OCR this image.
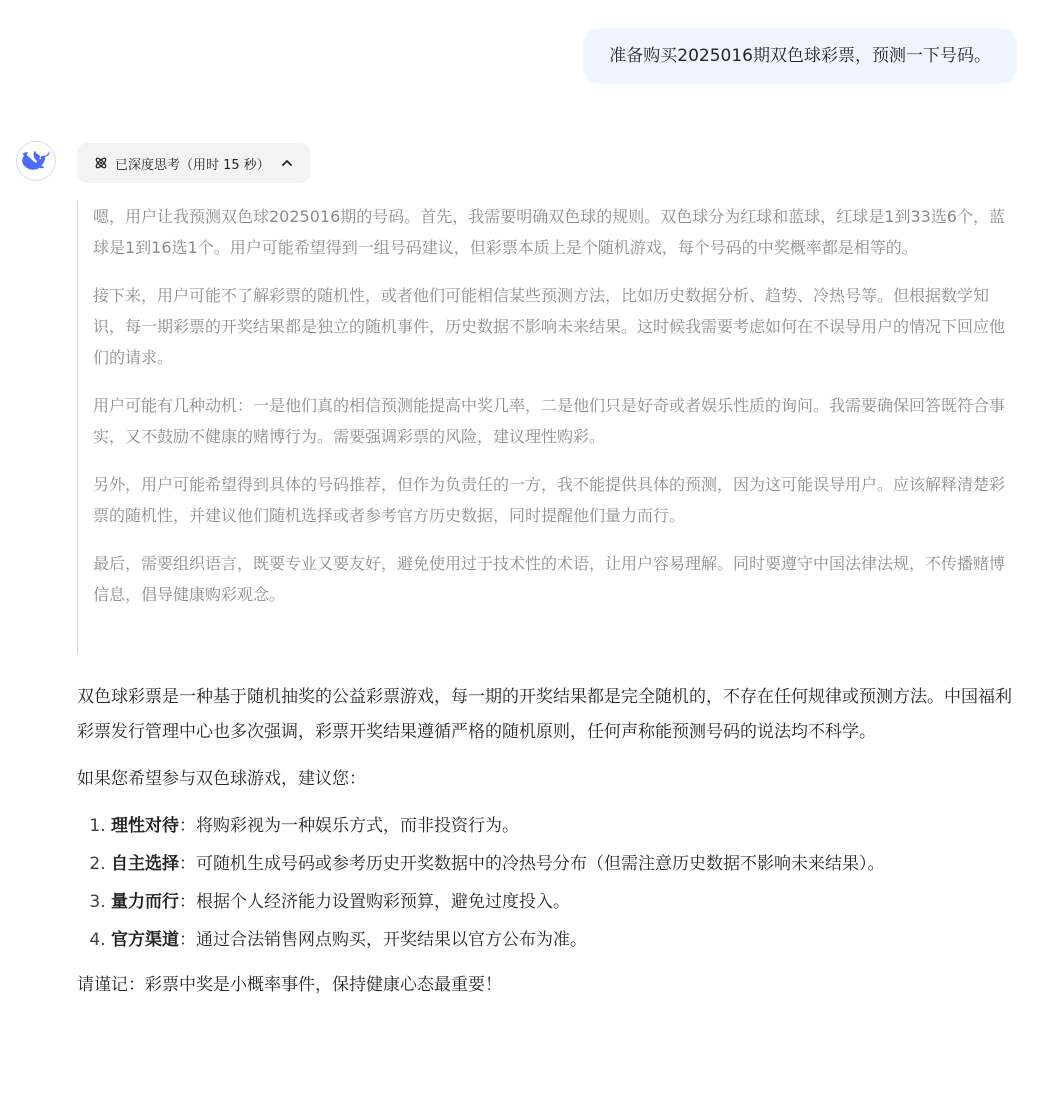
准备购买2025016期双色球彩票，预测一下号码。
已深度思考（用时 15 秒）

嗯，用户让我预测双色球2025016期的号码。首先，我需要明确双色球的规则。双色球分为红球和蓝球，红球是1到33选6个，蓝球是1到16选1个。用户可能希望得到一组号码建议，但彩票本质上是个随机游戏，每个号码的中奖概率都是相等的。

接下来，用户可能不了解彩票的随机性，或者他们可能相信某些预测方法，比如历史数据分析、趋势、冷热号等。但根据数学知识，每一期彩票的开奖结果都是独立的随机事件，历史数据不影响未来结果。这时候我需要考虑如何在不误导用户的情况下回应他们的请求。

用户可能有几种动机：一是他们真的相信预测能提高中奖几率，二是他们只是好奇或者娱乐性质的询问。我需要确保回答既符合事实，又不鼓励不健康的赌博行为。需要强调彩票的风险，建议理性购彩。

另外，用户可能希望得到具体的号码推荐，但作为负责任的一方，我不能提供具体的预测，因为这可能误导用户。应该解释清楚彩票的随机性，并建议他们随机选择或者参考官方历史数据，同时提醒他们量力而行。

最后，需要组织语言，既要专业又要友好，避免使用过于技术性的术语，让用户容易理解。同时要遵守中国法律法规，不传播赌博信息，倡导健康购彩观念。

双色球彩票是一种基于随机抽奖的公益彩票游戏，每一期的开奖结果都是完全随机的，不存在任何规律或预测方法。中国福利彩票发行管理中心也多次强调，彩票开奖结果遵循严格的随机原则，任何声称能预测号码的说法均不科学。

如果您希望参与双色球游戏，建议您：

1. 理性对待：将购彩视为一种娱乐方式，而非投资行为。
2. 自主选择：可随机生成号码或参考历史开奖数据中的冷热号分布（但需注意历史数据不影响未来结果）。
3. 量力而行：根据个人经济能力设置购彩预算，避免过度投入。
4. 官方渠道：通过合法销售网点购买，开奖结果以官方公布为准。

请谨记：彩票中奖是小概率事件，保持健康心态最重要！
